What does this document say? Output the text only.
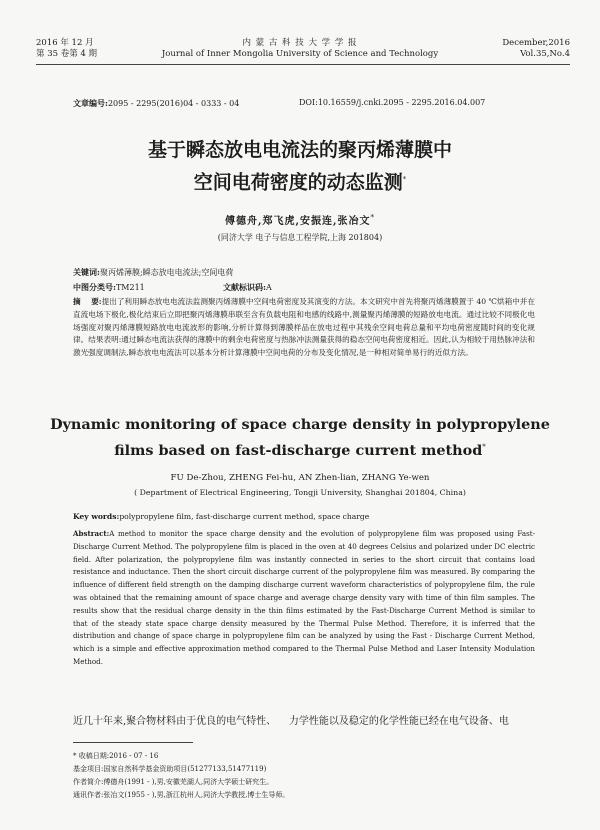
2016 年 12 月
第 35 卷第 4 期
内 蒙 古 科 技 大 学 学 报
Journal of Inner Mongolia University of Science and Technology
December,2016
Vol.35,No.4
文章编号:2095 - 2295(2016)04 - 0333 - 04	DOI:10.16559/j.cnki.2095 - 2295.2016.04.007
基于瞬态放电电流法的聚丙烯薄膜中
空间电荷密度的动态监测*
傅德舟,郑飞虎,安振连,张冶文*
(同济大学 电子与信息工程学院,上海 201804)
关键词:聚丙烯薄膜;瞬态放电电流法;空间电荷
中图分类号:TM211	文献标识码:A
摘    要:提出了利用瞬态放电电流法监测聚丙烯薄膜中空间电荷密度及其演变的方法。本文研究中首先将聚丙烯薄膜置于 40 ℃烘箱中并在直流电场下极化,极化结束后立即把聚丙烯薄膜串联至含有负载电阻和电感的线路中,测量聚丙烯薄膜的短路放电电流。通过比较不同极化电场强度对聚丙烯薄膜短路放电电流波形的影响,分析计算得到薄膜样品在放电过程中其残余空间电荷总量和平均电荷密度随时间的变化规律。结果表明:通过瞬态电流法获得的薄膜中的剩余电荷密度与热脉冲法测量获得的稳态空间电荷密度相近。因此,认为相较于用热脉冲法和激光强度调制法,瞬态放电电流法可以基本分析计算薄膜中空间电荷的分布及变化情况,是一种相对简单易行的近似方法。
Dynamic monitoring of space charge density in polypropylene
films based on fast-discharge current method*
FU De-Zhou, ZHENG Fei-hu, AN Zhen-lian, ZHANG Ye-wen
( Department of Electrical Engineering, Tongji University, Shanghai 201804, China)
Key words:polypropylene film, fast-discharge current method, space charge
Abstract:A method to monitor the space charge density and the evolution of polypropylene film was proposed using Fast-Discharge Current Method. The polypropylene film is placed in the oven at 40 degrees Celsius and polarized under DC electric field. After polarization, the polypropylene film was instantly connected in series to the short circuit that contains load resistance and inductance. Then the short circuit discharge current of the polypropylene film was measured. By comparing the influence of different field strength on the damping discharge current waveform characteristics of polypropylene film, the rule was obtained that the remaining amount of space charge and average charge density vary with time of thin film samples. The results show that the residual charge density in the thin films estimated by the Fast-Discharge Current Method is similar to that of the steady state space charge density measured by the Thermal Pulse Method. Therefore, it is inferred that the distribution and change of space charge in polypropylene film can be analyzed by using the Fast - Discharge Current Method, which is a simple and effective approximation method compared to the Thermal Pulse Method and Laser Intensity Modulation Method.
近几十年来,聚合物材料由于优良的电气特性、    力学性能以及稳定的化学性能已经在电气设备、电
* 收稿日期:2016 - 07 - 16
基金项目:国家自然科学基金资助项目(51277133,51477119)
作者简介:傅德舟(1991 - ),男,安徽芜湖人,同济大学硕士研究生。
通讯作者:张冶文(1955 - ),男,浙江杭州人,同济大学教授,博士生导师。
